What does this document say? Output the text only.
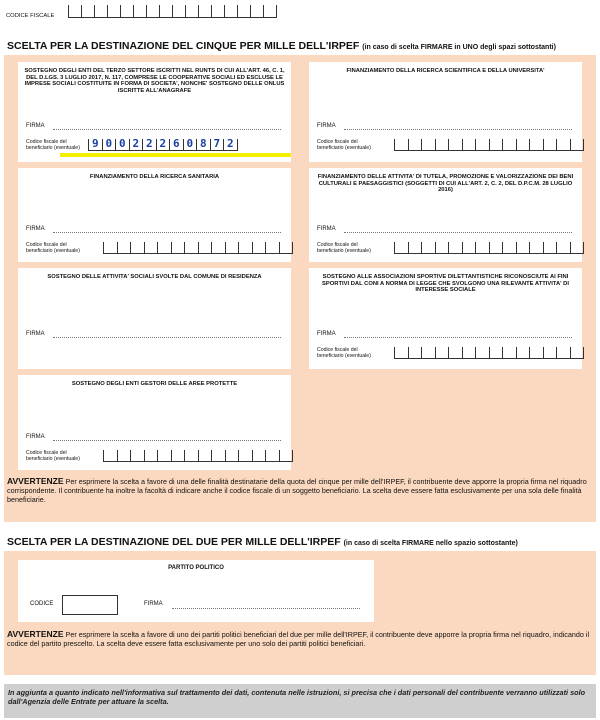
CODICE FISCALE
SCELTA PER LA DESTINAZIONE DEL CINQUE PER MILLE DELL'IRPEF (in caso di scelta FIRMARE in UNO degli spazi sottostanti)
SOSTEGNO DEGLI ENTI DEL TERZO SETTORE ISCRITTI NEL RUNTS DI CUI ALL'ART. 46, C. 1, DEL D.LGS. 3 LUGLIO 2017, N. 117, COMPRESE LE COOPERATIVE SOCIALI ED ESCLUSE LE IMPRESE SOCIALI COSTITUITE IN FORMA DI SOCIETA', NONCHE' SOSTEGNO DELLE ONLUS ISCRITTE ALL'ANAGRAFE
FIRMA
Codice fiscale del
beneficiario (eventuale) 9 0 0 2 2 2 6 0 8 7 2
FINANZIAMENTO DELLA RICERCA SCIENTIFICA E DELLA UNIVERSITA'
FIRMA
Codice fiscale del
beneficiario (eventuale)
FINANZIAMENTO DELLA RICERCA SANITARIA
FIRMA
Codice fiscale del
beneficiario (eventuale)
FINANZIAMENTO DELLE ATTIVITA' DI TUTELA, PROMOZIONE E VALORIZZAZIONE DEI BENI CULTURALI E PAESAGGISTICI (SOGGETTI DI CUI ALL'ART. 2, C. 2, DEL D.P.C.M. 28 LUGLIO 2016)
FIRMA
Codice fiscale del
beneficiario (eventuale)
SOSTEGNO DELLE ATTIVITA' SOCIALI SVOLTE DAL COMUNE DI RESIDENZA
FIRMA
SOSTEGNO ALLE ASSOCIAZIONI SPORTIVE DILETTANTISTICHE RICONOSCIUTE AI FINI SPORTIVI DAL CONI A NORMA DI LEGGE CHE SVOLGONO UNA RILEVANTE ATTIVITA' DI INTERESSE SOCIALE
FIRMA
Codice fiscale del
beneficiario (eventuale)
SOSTEGNO DEGLI ENTI GESTORI DELLE AREE PROTETTE
FIRMA
Codice fiscale del
beneficiario (eventuale)
AVVERTENZE Per esprimere la scelta a favore di una delle finalità destinatarie della quota del cinque per mille dell'IRPEF, il contribuente deve apporre la propria firma nel riquadro corrispondente. Il contribuente ha inoltre la facoltà di indicare anche il codice fiscale di un soggetto beneficiario. La scelta deve essere fatta esclusivamente per una sola delle finalità beneficiarie.
SCELTA PER LA DESTINAZIONE DEL DUE PER MILLE DELL'IRPEF (in caso di scelta FIRMARE nello spazio sottostante)
PARTITO POLITICO
CODICE	FIRMA
AVVERTENZE Per esprimere la scelta a favore di uno dei partiti politici beneficiari del due per mille dell'IRPEF, il contribuente deve apporre la propria firma nel riquadro, indicando il codice del partito prescelto. La scelta deve essere fatta esclusivamente per uno solo dei partiti politici beneficiari.
In aggiunta a quanto indicato nell'informativa sul trattamento dei dati, contenuta nelle istruzioni, si precisa che i dati personali del contribuente verranno utilizzati solo dall'Agenzia delle Entrate per attuare la scelta.
